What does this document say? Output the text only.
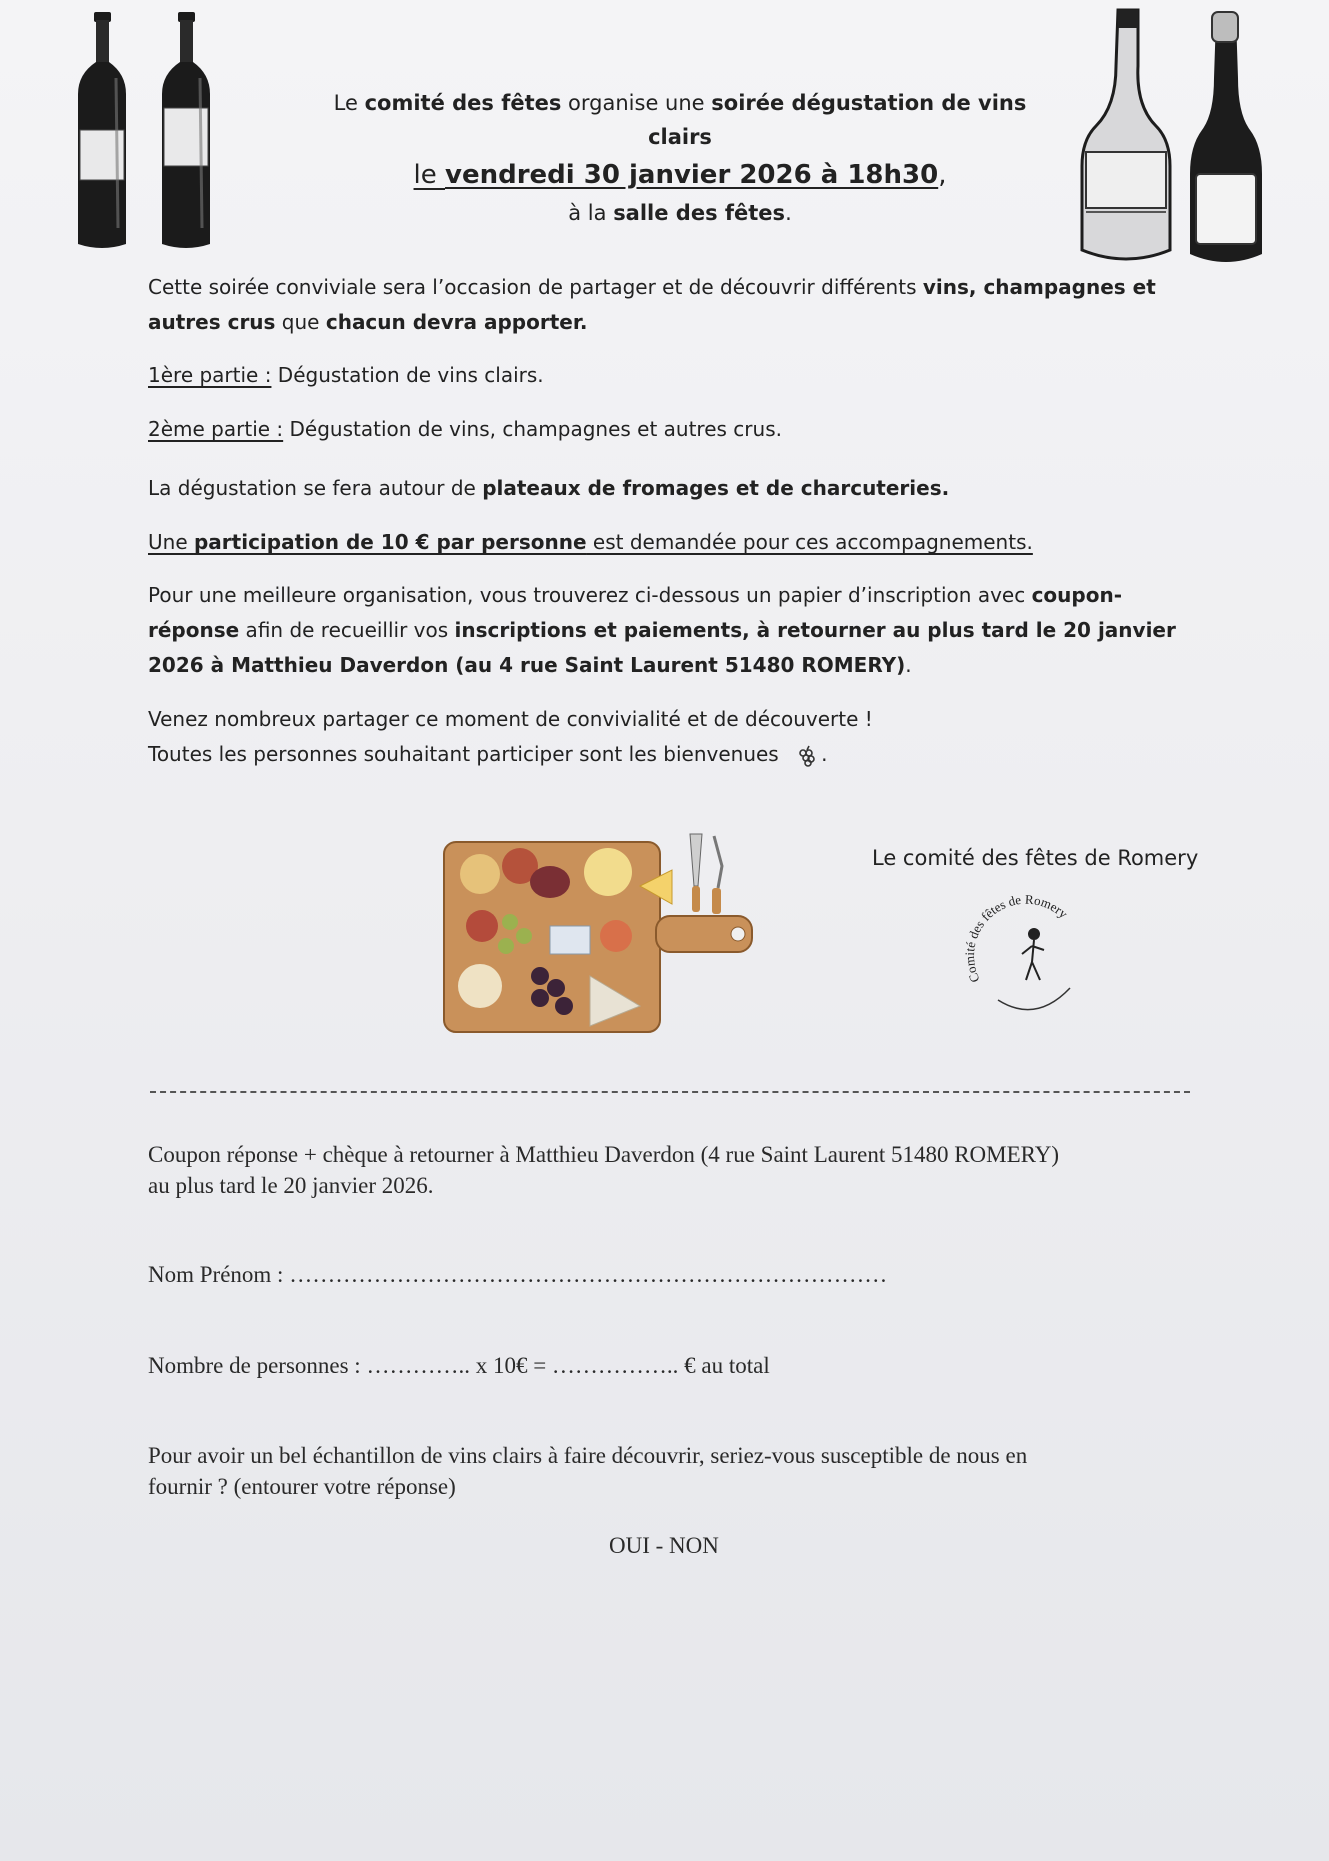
Le comité des fêtes organise une soirée dégustation de vins clairs
le vendredi 30 janvier 2026 à 18h30,
à la salle des fêtes.
Cette soirée conviviale sera l’occasion de partager et de découvrir différents vins, champagnes et
autres crus que chacun devra apporter.
1ère partie : Dégustation de vins clairs.
2ème partie : Dégustation de vins, champagnes et autres crus.
La dégustation se fera autour de plateaux de fromages et de charcuteries.
Une participation de 10 € par personne est demandée pour ces accompagnements.
Pour une meilleure organisation, vous trouverez ci-dessous un papier d’inscription avec coupon-
réponse afin de recueillir vos inscriptions et paiements, à retourner au plus tard le 20 janvier
2026 à Matthieu Daverdon (au 4 rue Saint Laurent 51480 ROMERY).
Venez nombreux partager ce moment de convivialité et de découverte !
Toutes les personnes souhaitant participer sont les bienvenues .
Le comité des fêtes de Romery
Comité des fêtes de Romery
Coupon réponse + chèque à retourner à Matthieu Daverdon (4 rue Saint Laurent 51480 ROMERY)
au plus tard le 20 janvier 2026.
Nom Prénom : ……………………………………………………………………
Nombre de personnes : ………….. x 10€ = …………….. € au total
Pour avoir un bel échantillon de vins clairs à faire découvrir, seriez-vous susceptible de nous en
fournir ? (entourer votre réponse)
OUI - NON
